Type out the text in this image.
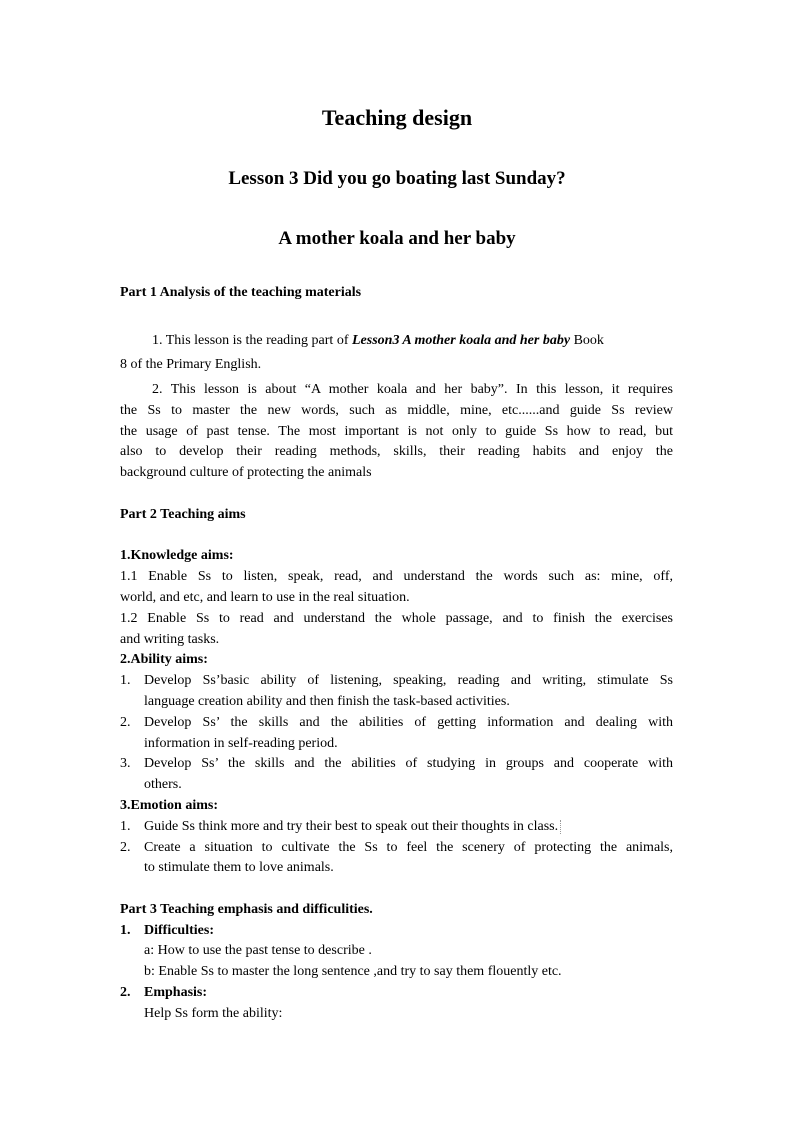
Teaching design
Lesson 3 Did you go boating last Sunday?
A mother koala and her baby
Part 1 Analysis of the teaching materials
1. This lesson is the reading part of Lesson3 A mother koala and her baby Book
8 of the Primary English.
2. This lesson is about “A mother koala and her baby”. In this lesson, it requires
the Ss to master the new words, such as middle, mine, etc......and guide Ss review
the usage of past tense. The most important is not only to guide Ss how to read, but
also to develop their reading methods, skills, their reading habits and enjoy the
background culture of protecting the animals
Part 2 Teaching aims
1.Knowledge aims:
1.1 Enable Ss to listen, speak, read, and understand the words such as: mine, off,
world, and etc, and learn to use in the real situation.
1.2 Enable Ss to read and understand the whole passage, and to finish the exercises
and writing tasks.
2.Ability aims:
1. Develop Ss’basic ability of listening, speaking, reading and writing, stimulate Ss
language creation ability and then finish the task-based activities.
2. Develop Ss’ the skills and the abilities of getting information and dealing with
information in self-reading period.
3. Develop Ss’ the skills and the abilities of studying in groups and cooperate with
others.
3.Emotion aims:
1. Guide Ss think more and try their best to speak out their thoughts in class.
2. Create a situation to cultivate the Ss to feel the scenery of protecting the animals,
to stimulate them to love animals.
Part 3 Teaching emphasis and difficulities.
1. Difficulties:
a: How to use the past tense to describe .
b: Enable Ss to master the long sentence ,and try to say them flouently etc.
2. Emphasis:
Help Ss form the ability:
